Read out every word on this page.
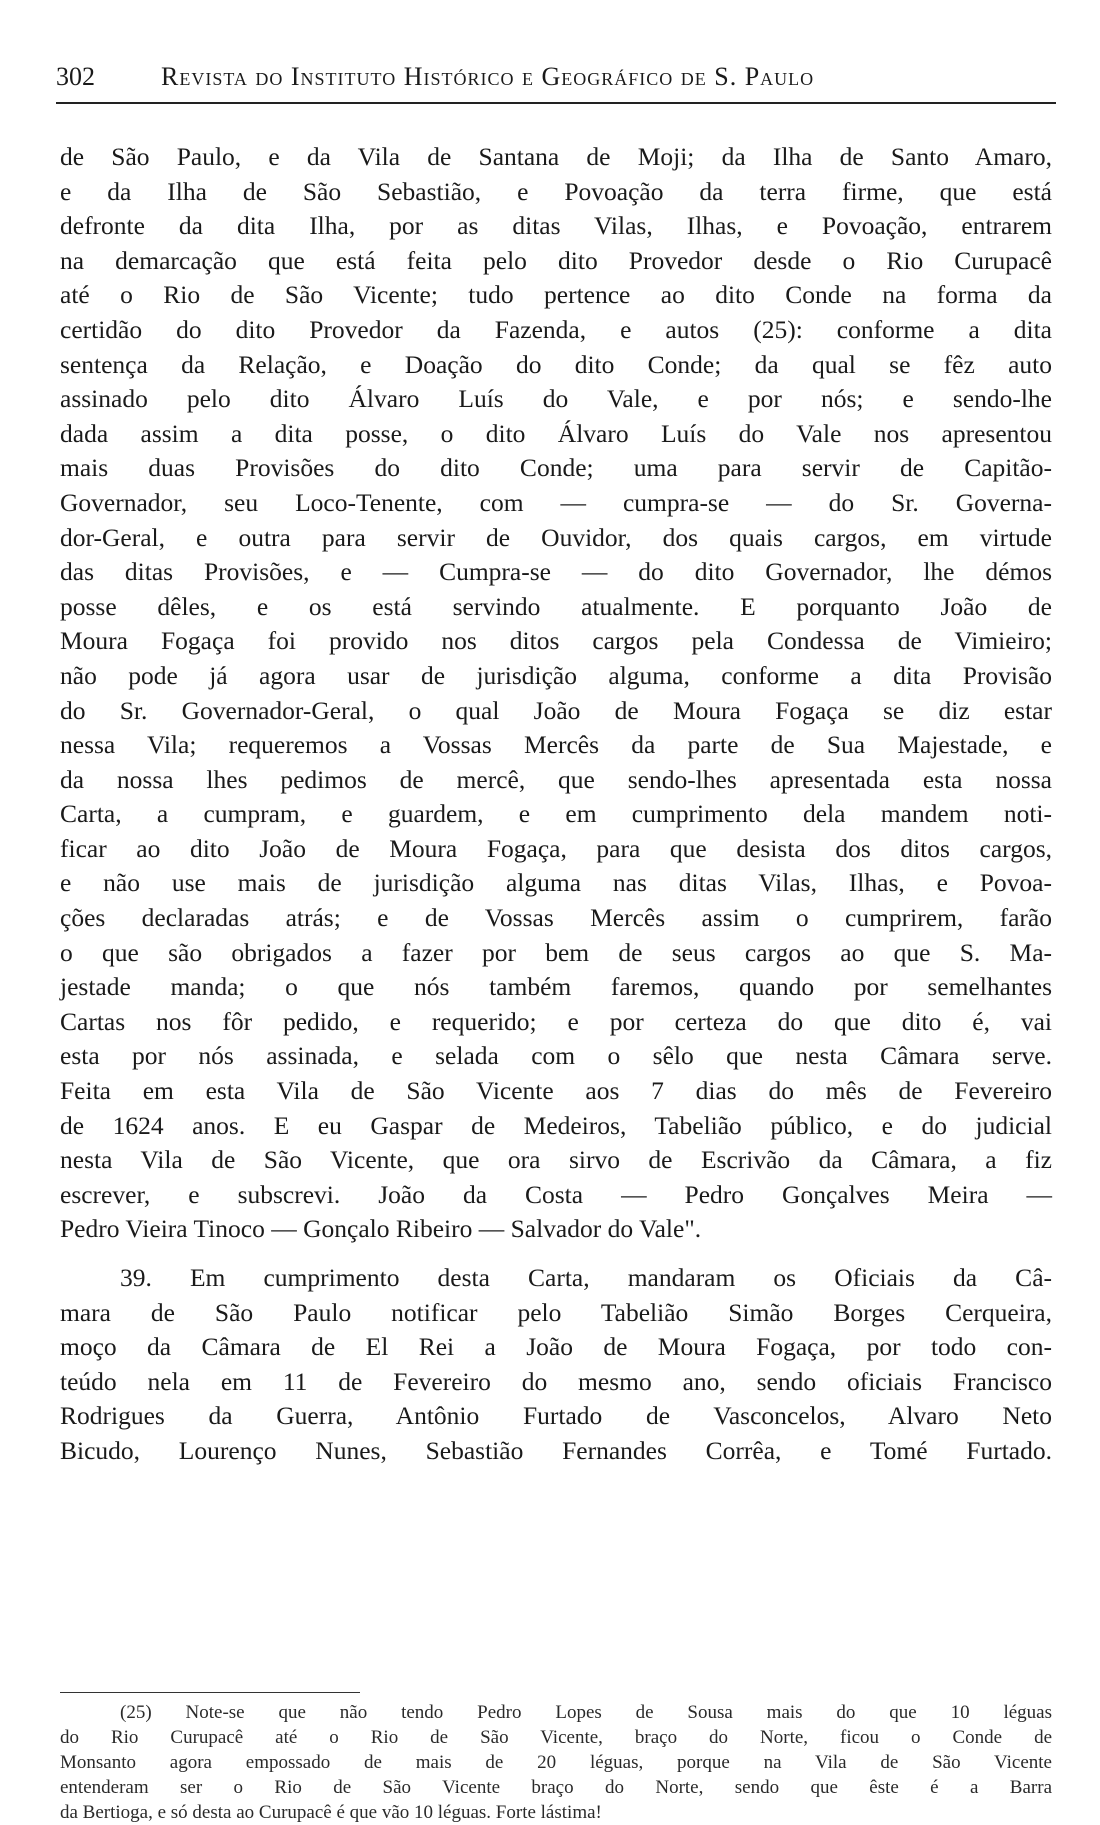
302	Revista do Instituto Histórico e Geográfico de S. Paulo
de São Paulo, e da Vila de Santana de Moji; da Ilha de Santo Amaro,
e da Ilha de São Sebastião, e Povoação da terra firme, que está
defronte da dita Ilha, por as ditas Vilas, Ilhas, e Povoação, entrarem
na demarcação que está feita pelo dito Provedor desde o Rio Curupacê
até o Rio de São Vicente; tudo pertence ao dito Conde na forma da
certidão do dito Provedor da Fazenda, e autos (25): conforme a dita
sentença da Relação, e Doação do dito Conde; da qual se fêz auto
assinado pelo dito Álvaro Luís do Vale, e por nós; e sendo-lhe
dada assim a dita posse, o dito Álvaro Luís do Vale nos apresentou
mais duas Provisões do dito Conde; uma para servir de Capitão-
Governador, seu Loco-Tenente, com — cumpra-se — do Sr. Governa-
dor-Geral, e outra para servir de Ouvidor, dos quais cargos, em virtude
das ditas Provisões, e — Cumpra-se — do dito Governador, lhe démos
posse dêles, e os está servindo atualmente. E porquanto João de
Moura Fogaça foi provido nos ditos cargos pela Condessa de Vimieiro;
não pode já agora usar de jurisdição alguma, conforme a dita Provisão
do Sr. Governador-Geral, o qual João de Moura Fogaça se diz estar
nessa Vila; requeremos a Vossas Mercês da parte de Sua Majestade, e
da nossa lhes pedimos de mercê, que sendo-lhes apresentada esta nossa
Carta, a cumpram, e guardem, e em cumprimento dela mandem noti-
ficar ao dito João de Moura Fogaça, para que desista dos ditos cargos,
e não use mais de jurisdição alguma nas ditas Vilas, Ilhas, e Povoa-
ções declaradas atrás; e de Vossas Mercês assim o cumprirem, farão
o que são obrigados a fazer por bem de seus cargos ao que S. Ma-
jestade manda; o que nós também faremos, quando por semelhantes
Cartas nos fôr pedido, e requerido; e por certeza do que dito é, vai
esta por nós assinada, e selada com o sêlo que nesta Câmara serve.
Feita em esta Vila de São Vicente aos 7 dias do mês de Fevereiro
de 1624 anos. E eu Gaspar de Medeiros, Tabelião público, e do judicial
nesta Vila de São Vicente, que ora sirvo de Escrivão da Câmara, a fiz
escrever, e subscrevi. João da Costa — Pedro Gonçalves Meira —
Pedro Vieira Tinoco — Gonçalo Ribeiro — Salvador do Vale".
39. Em cumprimento desta Carta, mandaram os Oficiais da Câ-
mara de São Paulo notificar pelo Tabelião Simão Borges Cerqueira,
moço da Câmara de El Rei a João de Moura Fogaça, por todo con-
teúdo nela em 11 de Fevereiro do mesmo ano, sendo oficiais Francisco
Rodrigues da Guerra, Antônio Furtado de Vasconcelos, Alvaro Neto
Bicudo, Lourenço Nunes, Sebastião Fernandes Corrêa, e Tomé Furtado.
(25) Note-se que não tendo Pedro Lopes de Sousa mais do que 10 léguas
do Rio Curupacê até o Rio de São Vicente, braço do Norte, ficou o Conde de
Monsanto agora empossado de mais de 20 léguas, porque na Vila de São Vicente
entenderam ser o Rio de São Vicente braço do Norte, sendo que êste é a Barra
da Bertioga, e só desta ao Curupacê é que vão 10 léguas. Forte lástima!
